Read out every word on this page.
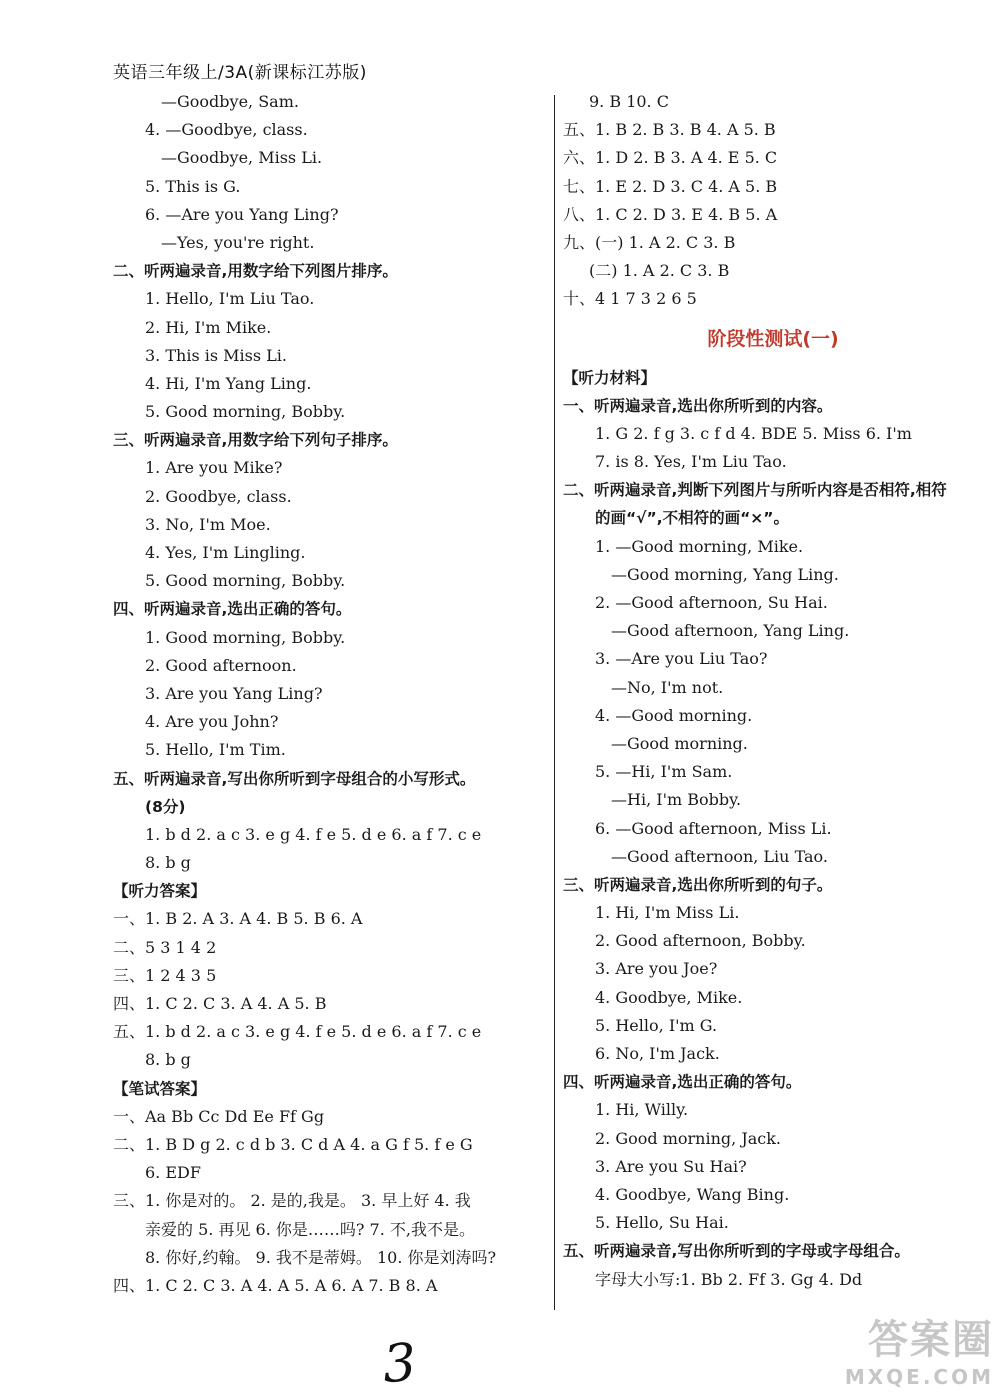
英语三年级上/3A(新课标江苏版)
—Goodbye, Sam.
4. —Goodbye, class.
—Goodbye, Miss Li.
5. This is G.
6. —Are you Yang Ling?
—Yes, you're right.
二、听两遍录音,用数字给下列图片排序。
1. Hello, I'm Liu Tao.
2. Hi, I'm Mike.
3. This is Miss Li.
4. Hi, I'm Yang Ling.
5. Good morning, Bobby.
三、听两遍录音,用数字给下列句子排序。
1. Are you Mike?
2. Goodbye, class.
3. No, I'm Moe.
4. Yes, I'm Lingling.
5. Good morning, Bobby.
四、听两遍录音,选出正确的答句。
1. Good morning, Bobby.
2. Good afternoon.
3. Are you Yang Ling?
4. Are you John?
5. Hello, I'm Tim.
五、听两遍录音,写出你所听到字母组合的小写形式。
(8分)
1. b d 2. a c 3. e g 4. f e 5. d e 6. a f 7. c e
8. b g
【听力答案】
一、1. B 2. A 3. A 4. B 5. B 6. A
二、5 3 1 4 2
三、1 2 4 3 5
四、1. C 2. C 3. A 4. A 5. B
五、1. b d 2. a c 3. e g 4. f e 5. d e 6. a f 7. c e
8. b g
【笔试答案】
一、Aa Bb Cc Dd Ee Ff Gg
二、1. B D g 2. c d b 3. C d A 4. a G f 5. f e G
6. EDF
三、1. 你是对的。 2. 是的,我是。 3. 早上好 4. 我
亲爱的 5. 再见 6. 你是……吗? 7. 不,我不是。
8. 你好,约翰。 9. 我不是蒂姆。 10. 你是刘涛吗?
四、1. C 2. C 3. A 4. A 5. A 6. A 7. B 8. A
9. B 10. C
五、1. B 2. B 3. B 4. A 5. B
六、1. D 2. B 3. A 4. E 5. C
七、1. E 2. D 3. C 4. A 5. B
八、1. C 2. D 3. E 4. B 5. A
九、(一) 1. A 2. C 3. B
(二) 1. A 2. C 3. B
十、4 1 7 3 2 6 5
阶段性测试(一)
【听力材料】
一、听两遍录音,选出你所听到的内容。
1. G 2. f g 3. c f d 4. BDE 5. Miss 6. I'm
7. is 8. Yes, I'm Liu Tao.
二、听两遍录音,判断下列图片与所听内容是否相符,相符
的画“√”,不相符的画“×”。
1. —Good morning, Mike.
—Good morning, Yang Ling.
2. —Good afternoon, Su Hai.
—Good afternoon, Yang Ling.
3. —Are you Liu Tao?
—No, I'm not.
4. —Good morning.
—Good morning.
5. —Hi, I'm Sam.
—Hi, I'm Bobby.
6. —Good afternoon, Miss Li.
—Good afternoon, Liu Tao.
三、听两遍录音,选出你所听到的句子。
1. Hi, I'm Miss Li.
2. Good afternoon, Bobby.
3. Are you Joe?
4. Goodbye, Mike.
5. Hello, I'm G.
6. No, I'm Jack.
四、听两遍录音,选出正确的答句。
1. Hi, Willy.
2. Good morning, Jack.
3. Are you Su Hai?
4. Goodbye, Wang Bing.
5. Hello, Su Hai.
五、听两遍录音,写出你所听到的字母或字母组合。
字母大小写:1. Bb 2. Ff 3. Gg 4. Dd
3	答案圈
MXQE.COM
